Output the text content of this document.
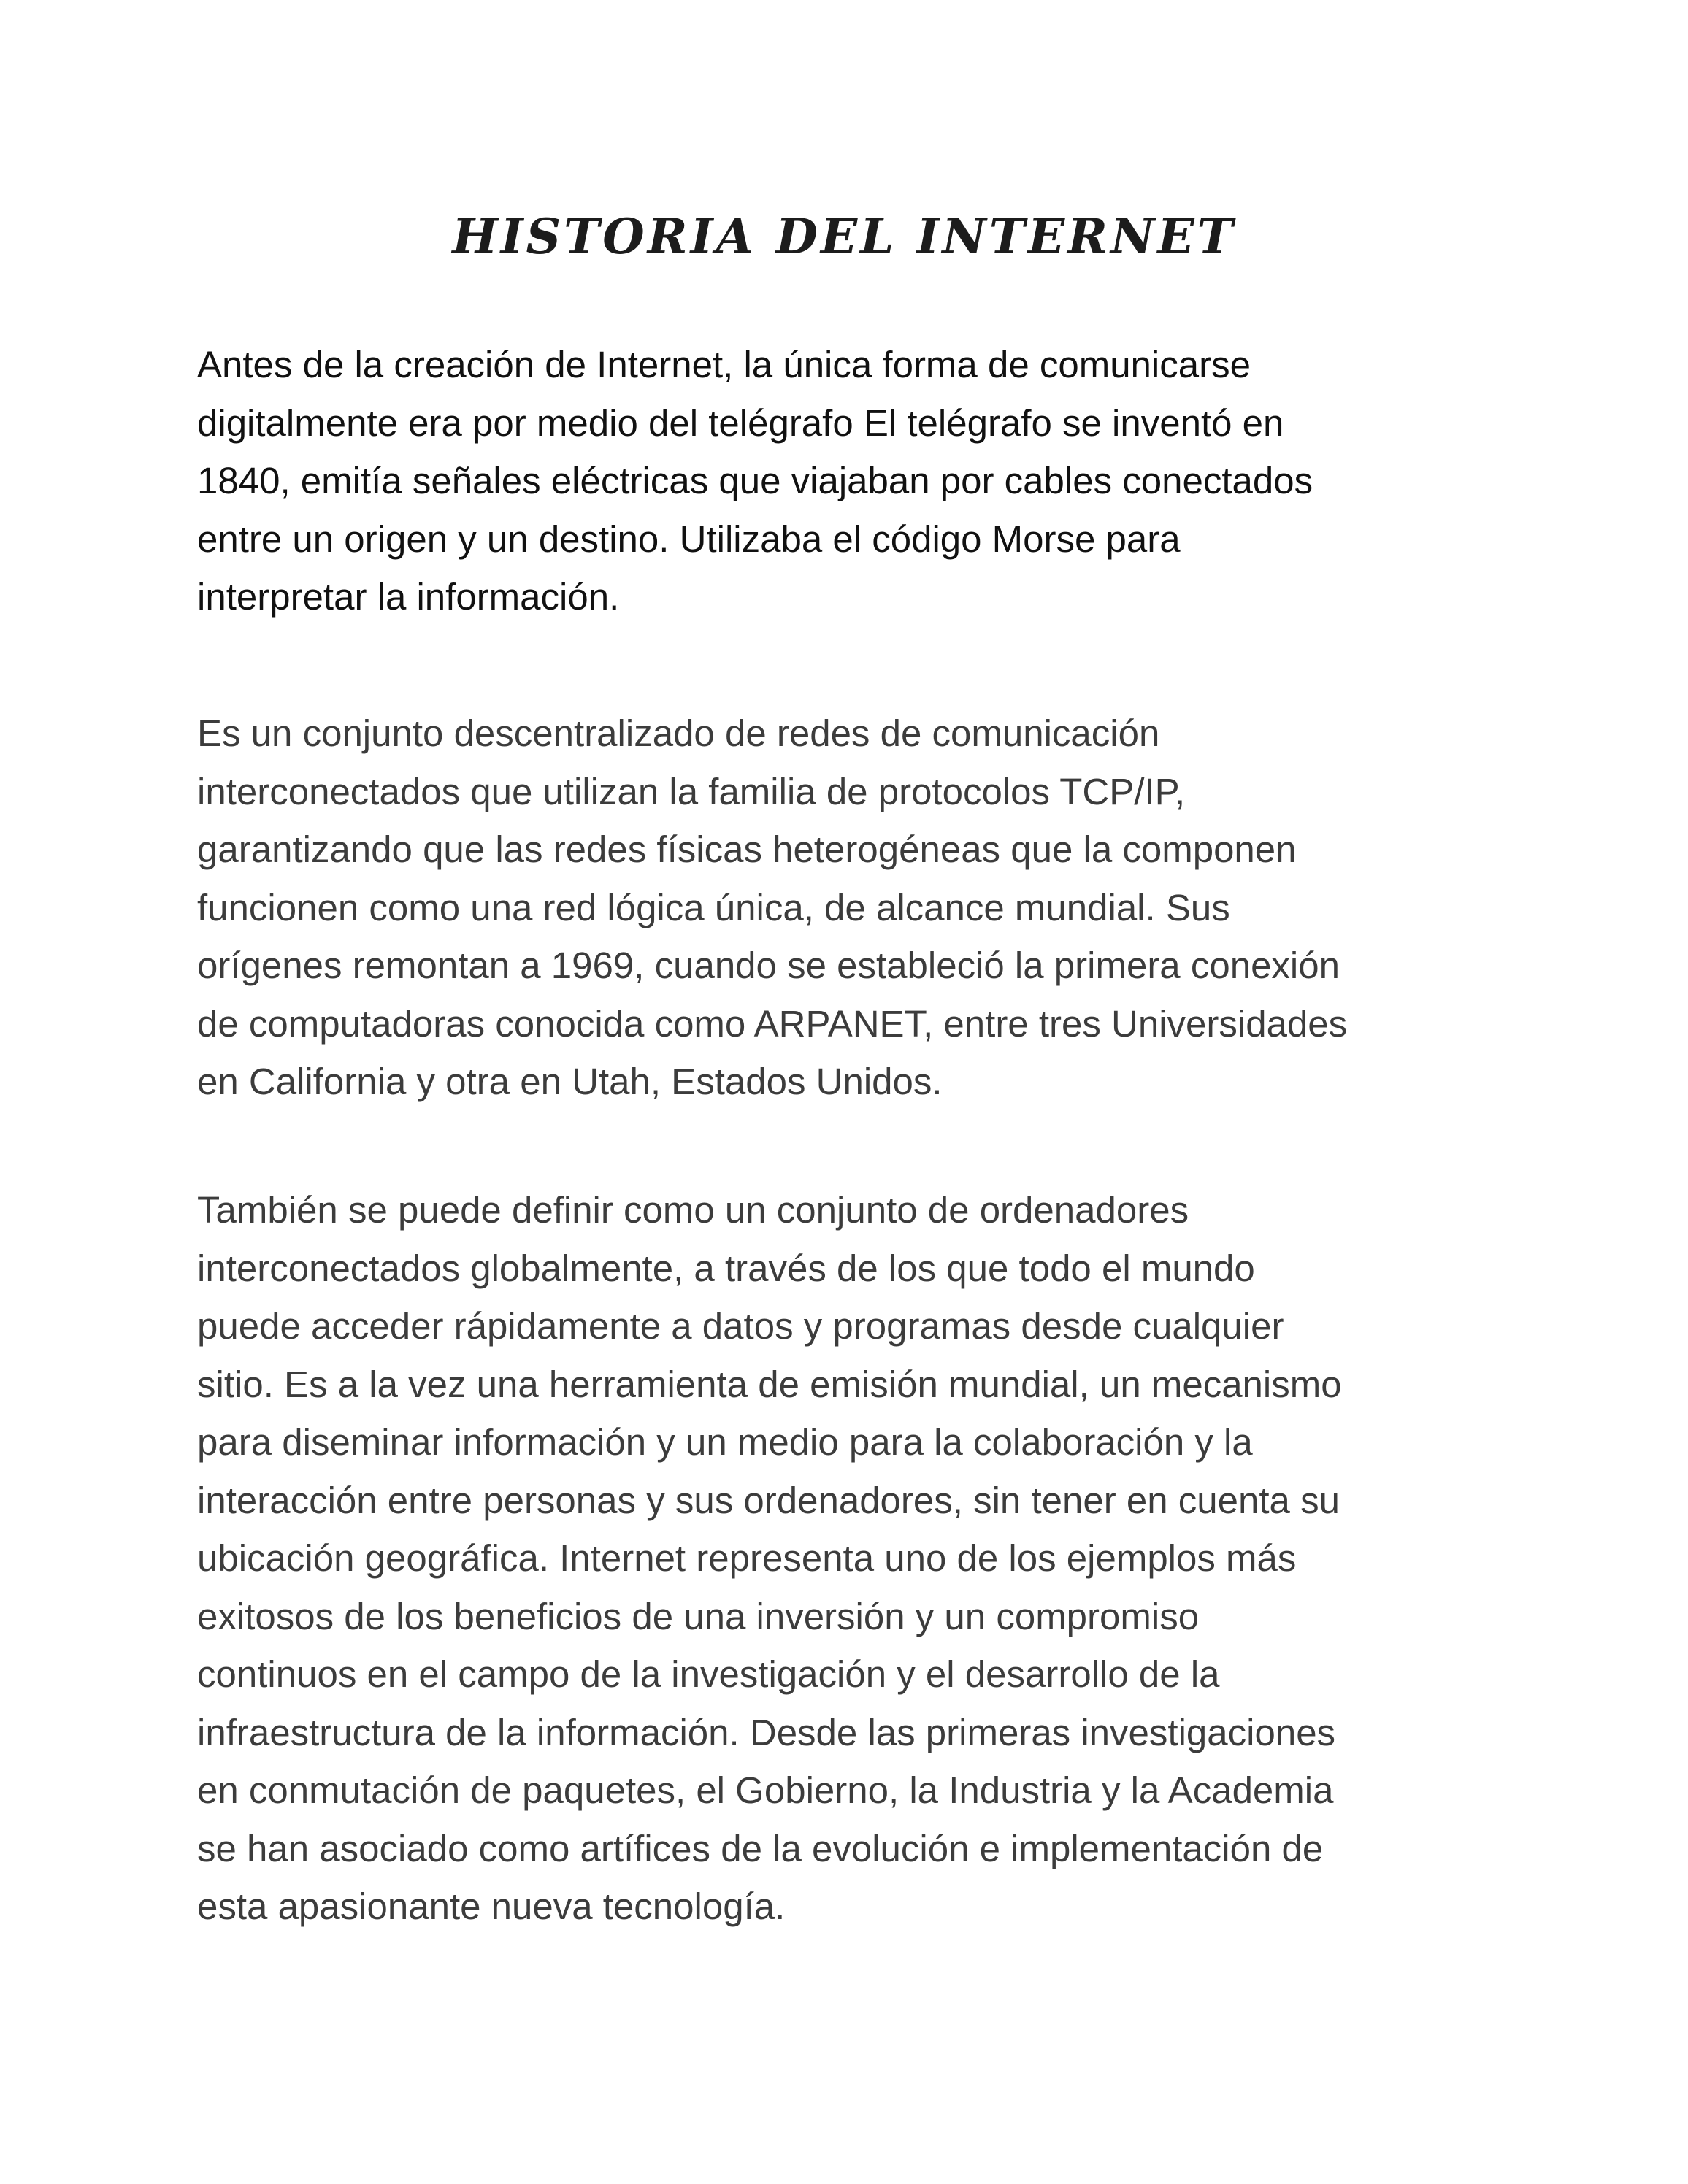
HISTORIA DEL INTERNET

Antes de la creación de Internet, la única forma de comunicarse
digitalmente era por medio del telégrafo El telégrafo se inventó en
1840, emitía señales eléctricas que viajaban por cables conectados
entre un origen y un destino. Utilizaba el código Morse para
interpretar la información.

Es un conjunto descentralizado de redes de comunicación
interconectados que utilizan la familia de protocolos TCP/IP,
garantizando que las redes físicas heterogéneas que la componen
funcionen como una red lógica única, de alcance mundial. Sus
orígenes remontan a 1969, cuando se estableció la primera conexión
de computadoras conocida como ARPANET, entre tres Universidades
en California y otra en Utah, Estados Unidos.

También se puede definir como un conjunto de ordenadores
interconectados globalmente, a través de los que todo el mundo
puede acceder rápidamente a datos y programas desde cualquier
sitio. Es a la vez una herramienta de emisión mundial, un mecanismo
para diseminar información y un medio para la colaboración y la
interacción entre personas y sus ordenadores, sin tener en cuenta su
ubicación geográfica. Internet representa uno de los ejemplos más
exitosos de los beneficios de una inversión y un compromiso
continuos en el campo de la investigación y el desarrollo de la
infraestructura de la información. Desde las primeras investigaciones
en conmutación de paquetes, el Gobierno, la Industria y la Academia
se han asociado como artífices de la evolución e implementación de
esta apasionante nueva tecnología.
